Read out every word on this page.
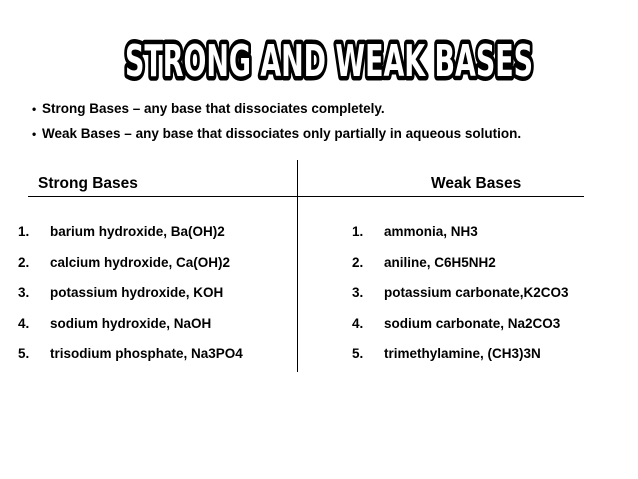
STRONG AND WEAK BASES
• Strong Bases – any base that dissociates completely.
• Weak Bases – any base that dissociates only partially in aqueous solution.
Strong Bases	Weak Bases
1. barium hydroxide, Ba(OH)2
2. calcium hydroxide, Ca(OH)2
3. potassium hydroxide, KOH
4. sodium hydroxide, NaOH
5. trisodium phosphate, Na3PO4
1. ammonia, NH3
2. aniline, C6H5NH2
3. potassium carbonate,K2CO3
4. sodium carbonate, Na2CO3
5. trimethylamine, (CH3)3N
